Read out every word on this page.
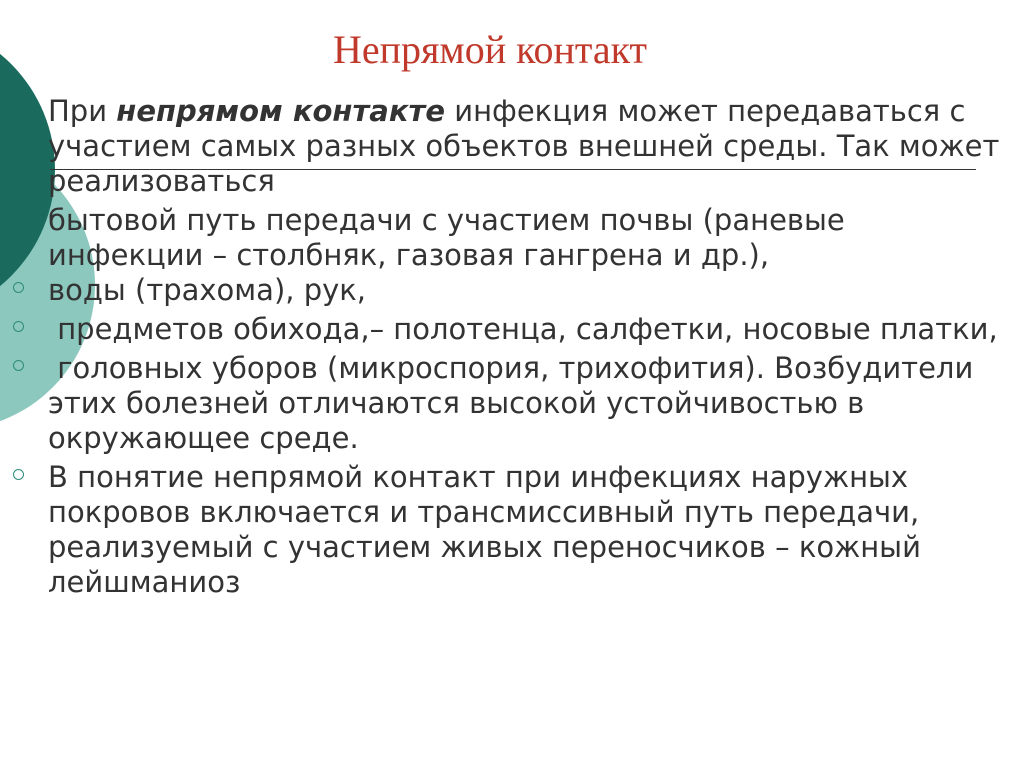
Непрямой контакт

При непрямом контакте инфекция может передаваться с участием самых разных объектов внешней среды. Так может реализоваться

бытовой путь передачи с участием почвы (раневые инфекции – столбняк, газовая гангрена и др.),

воды (трахома), рук,
предметов обихода,– полотенца, салфетки, носовые платки,
головных уборов (микроспория, трихофития). Возбудители этих болезней отличаются высокой устойчивостью в окружающее среде.
В понятие непрямой контакт при инфекциях наружных покровов включается и трансмиссивный путь передачи, реализуемый с участием живых переносчиков – кожный лейшманиоз
